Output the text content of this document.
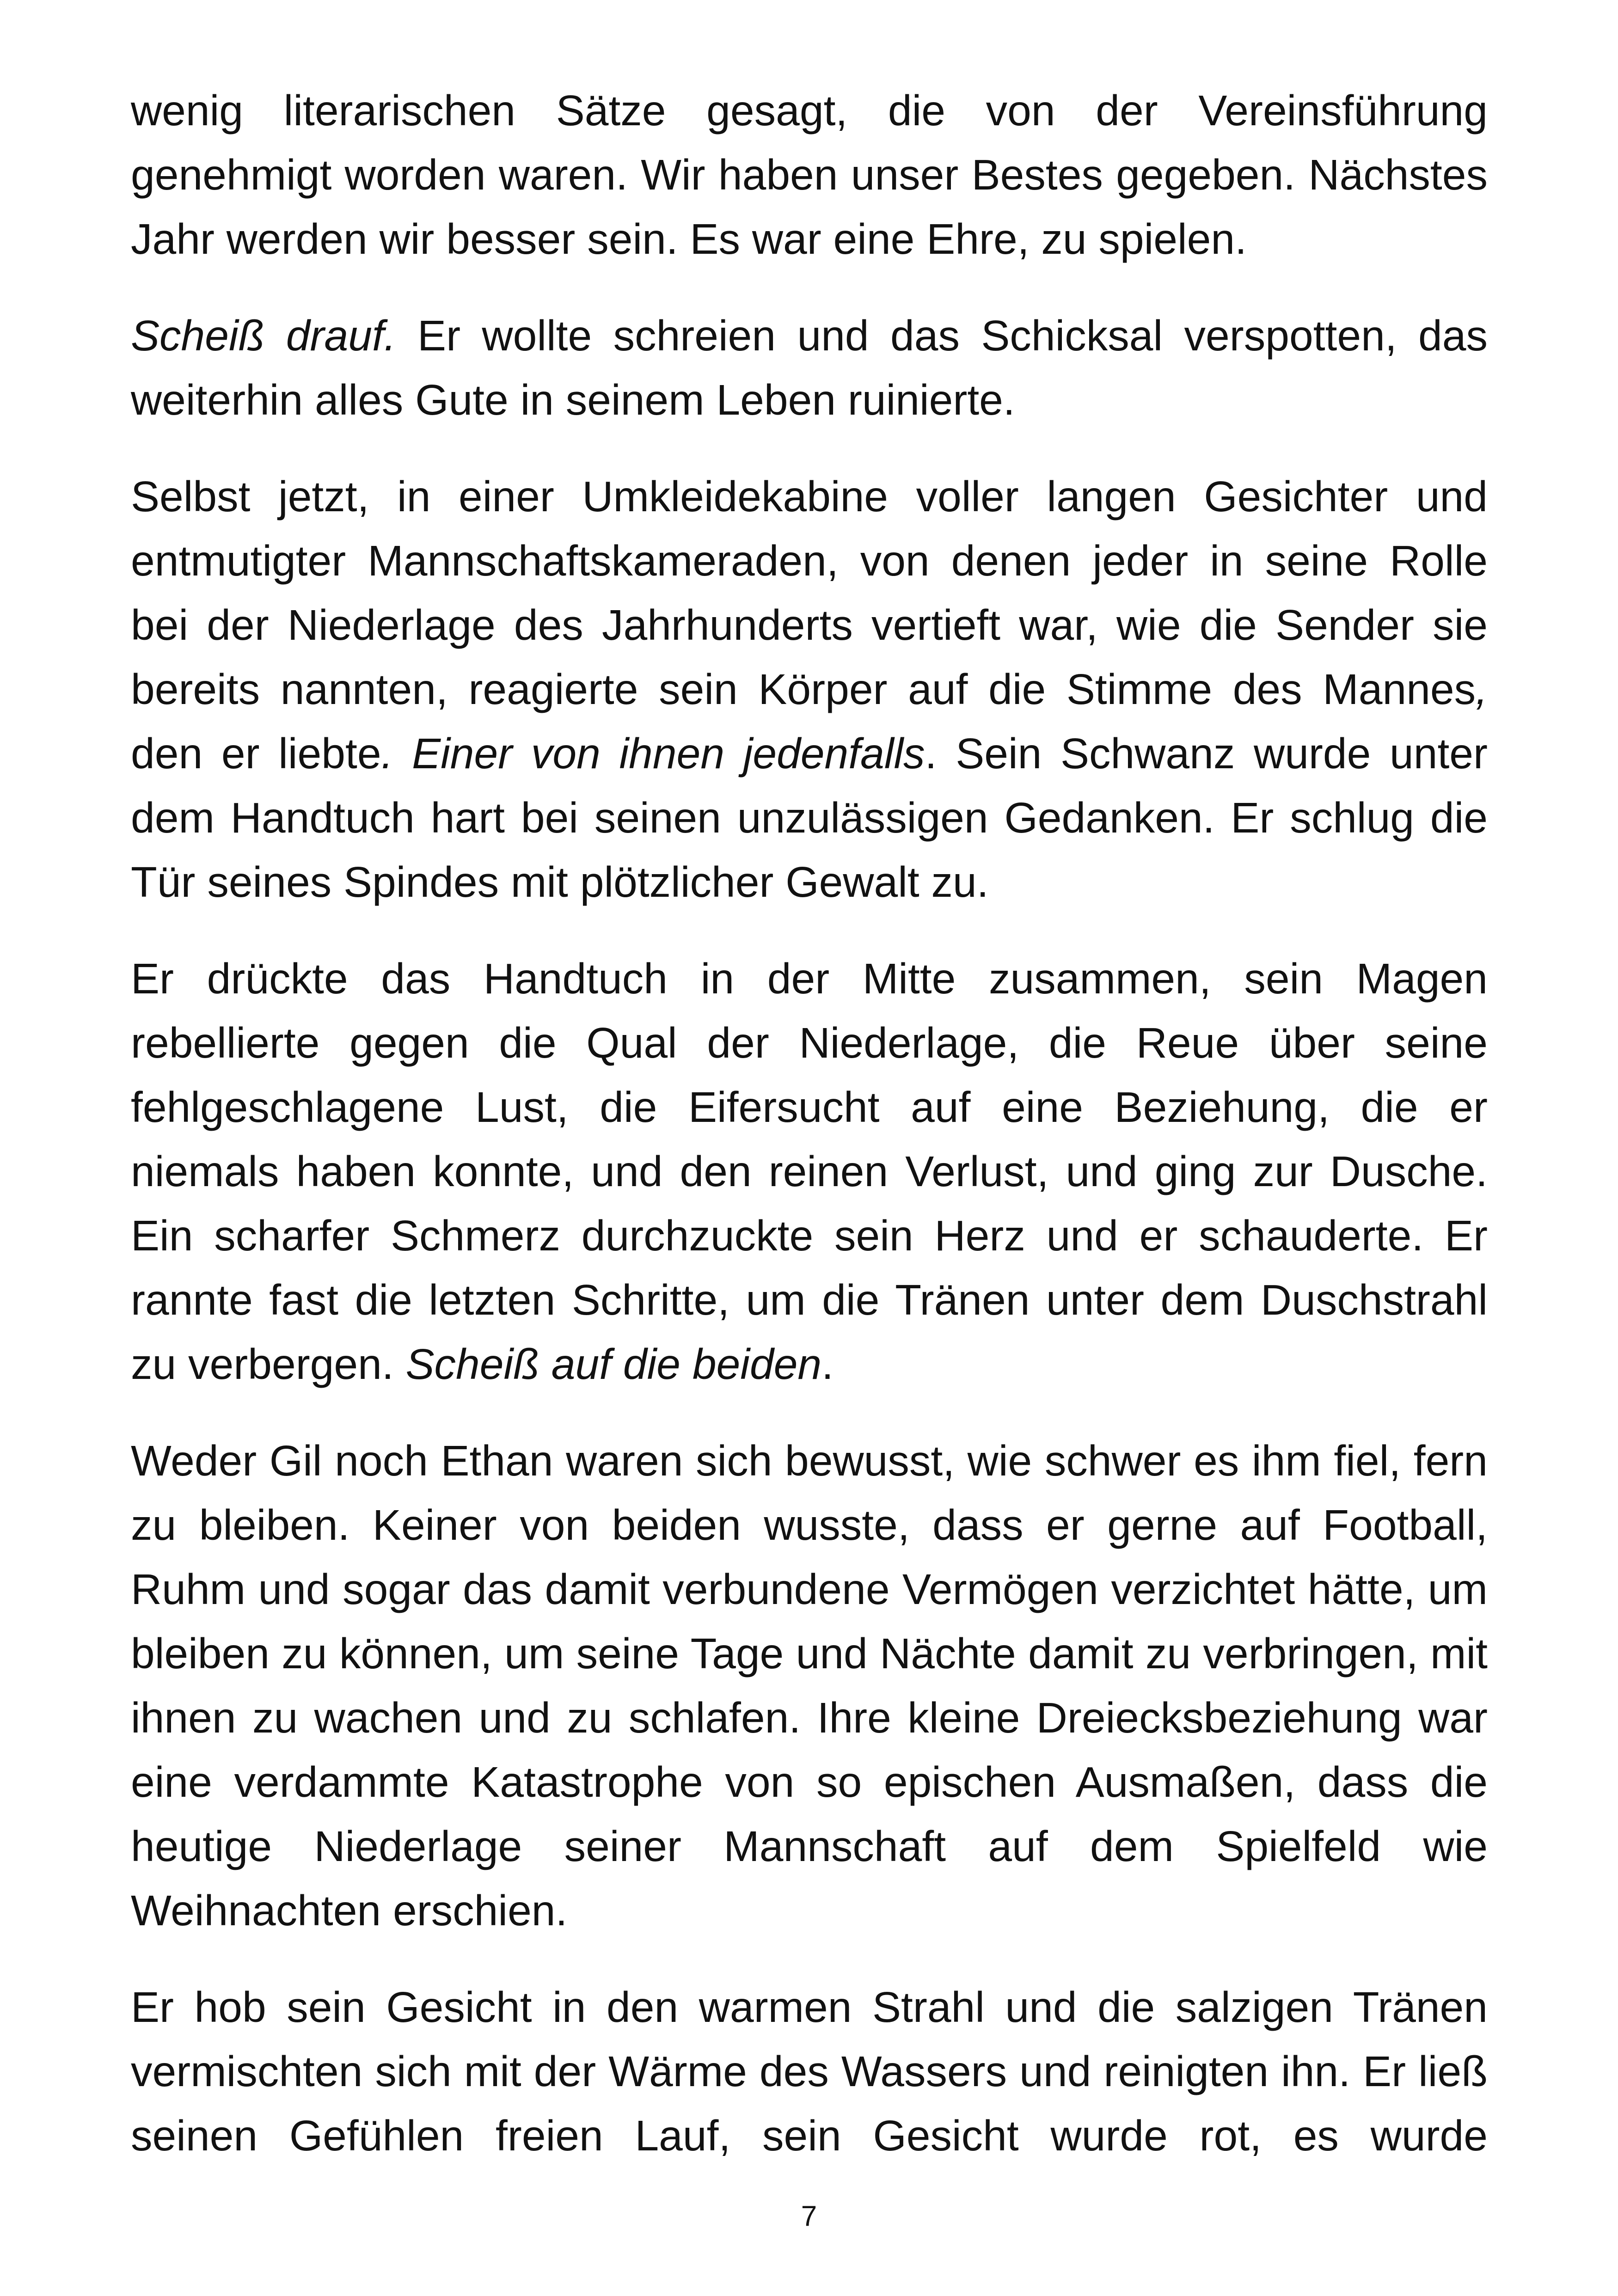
wenig literarischen Sätze gesagt, die von der Vereinsführung genehmigt worden waren. Wir haben unser Bestes gegeben. Nächstes Jahr werden wir besser sein. Es war eine Ehre, zu spielen.

Scheiß drauf. Er wollte schreien und das Schicksal verspotten, das weiterhin alles Gute in seinem Leben ruinierte.

Selbst jetzt, in einer Umkleidekabine voller langen Gesichter und entmutigter Mannschaftskameraden, von denen jeder in seine Rolle bei der Niederlage des Jahrhunderts vertieft war, wie die Sender sie bereits nannten, reagierte sein Körper auf die Stimme des Mannes, den er liebte. Einer von ihnen jedenfalls. Sein Schwanz wurde unter dem Handtuch hart bei seinen unzulässigen Gedanken. Er schlug die Tür seines Spindes mit plötzlicher Gewalt zu.

Er drückte das Handtuch in der Mitte zusammen, sein Magen rebellierte gegen die Qual der Niederlage, die Reue über seine fehlgeschlagene Lust, die Eifersucht auf eine Beziehung, die er niemals haben konnte, und den reinen Verlust, und ging zur Dusche. Ein scharfer Schmerz durchzuckte sein Herz und er schauderte. Er rannte fast die letzten Schritte, um die Tränen unter dem Duschstrahl zu verbergen. Scheiß auf die beiden.

Weder Gil noch Ethan waren sich bewusst, wie schwer es ihm fiel, fern zu bleiben. Keiner von beiden wusste, dass er gerne auf Football, Ruhm und sogar das damit verbundene Vermögen verzichtet hätte, um bleiben zu können, um seine Tage und Nächte damit zu verbringen, mit ihnen zu wachen und zu schlafen. Ihre kleine Dreiecksbeziehung war eine verdammte Katastrophe von so epischen Ausmaßen, dass die heutige Niederlage seiner Mannschaft auf dem Spielfeld wie Weihnachten erschien.

Er hob sein Gesicht in den warmen Strahl und die salzigen Tränen vermischten sich mit der Wärme des Wassers und reinigten ihn. Er ließ seinen Gefühlen freien Lauf, sein Gesicht wurde rot, es wurde

7
